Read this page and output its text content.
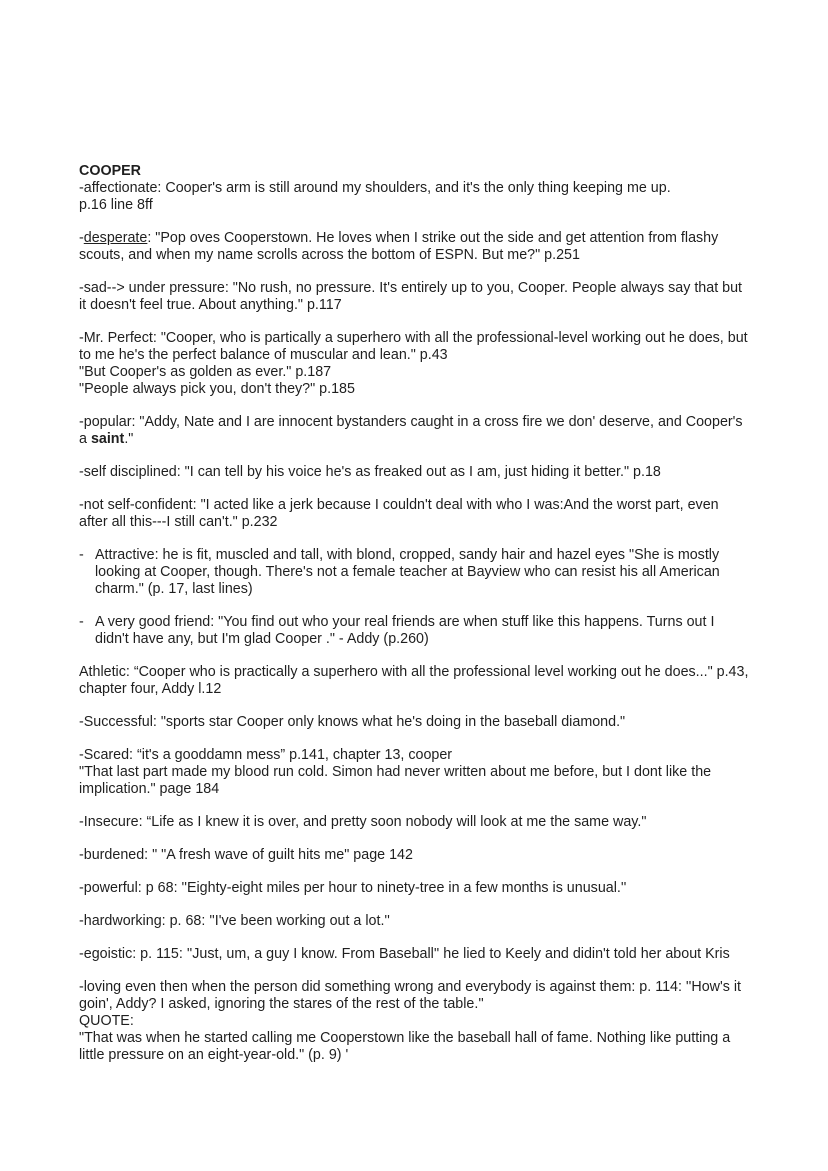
COOPER

-affectionate: Cooper's arm is still around my shoulders, and it's the only thing keeping me up.

p.16 line 8ff

-desperate: "Pop oves Cooperstown. He loves when I strike out the side and get attention from flashy scouts, and when my name scrolls across the bottom of ESPN. But me?" p.251

-sad--> under pressure: "No rush, no pressure. It's entirely up to you, Cooper. People always say that but it doesn't feel true. About anything." p.117

-Mr. Perfect: "Cooper, who is partically a superhero with all the professional-level working out he does, but to me he's the perfect balance of muscular and lean." p.43

"But Cooper's as golden as ever." p.187

"People always pick you, don't they?" p.185

-popular: "Addy, Nate and I are innocent bystanders caught in a cross fire we don' deserve, and Cooper's a saint."

-self disciplined: "I can tell by his voice he's as freaked out as I am, just hiding it better." p.18

-not self-confident: "I acted like a jerk because I couldn't deal with who I was:And the worst part, even after all this---I still can't." p.232

- Attractive: he is fit, muscled and tall, with blond, cropped, sandy hair and hazel eyes "She is mostly looking at Cooper, though. There's not a female teacher at Bayview who can resist his all American charm." (p. 17, last lines)
- A very good friend: "You find out who your real friends are when stuff like this happens. Turns out I didn't have any, but I'm glad Cooper ." - Addy (p.260)

Athletic: “Cooper who is practically a superhero with all the professional level working out he does..." p.43, chapter four, Addy l.12

-Successful: "sports star Cooper only knows what he's doing in the baseball diamond."

-Scared: “it's a gooddamn mess” p.141, chapter 13, cooper

"That last part made my blood run cold. Simon had never written about me before, but I dont like the implication." page 184

-Insecure: “Life as I knew it is over, and pretty soon nobody will look at me the same way."

-burdened: " "A fresh wave of guilt hits me" page 142

-powerful: p 68: ''Eighty-eight miles per hour to ninety-tree in a few months is unusual.''

-hardworking: p. 68: ''I've been working out a lot.''

-egoistic: p. 115: ''Just, um, a guy I know. From Baseball'' he lied to Keely and didin't told her about Kris

-loving even then when the person did something wrong and everybody is against them: p. 114: ''How's it goin', Addy? I asked, ignoring the stares of the rest of the table.''

QUOTE:

"That was when he started calling me Cooperstown like the baseball hall of fame. Nothing like putting a little pressure on an eight-year-old." (p. 9) '
